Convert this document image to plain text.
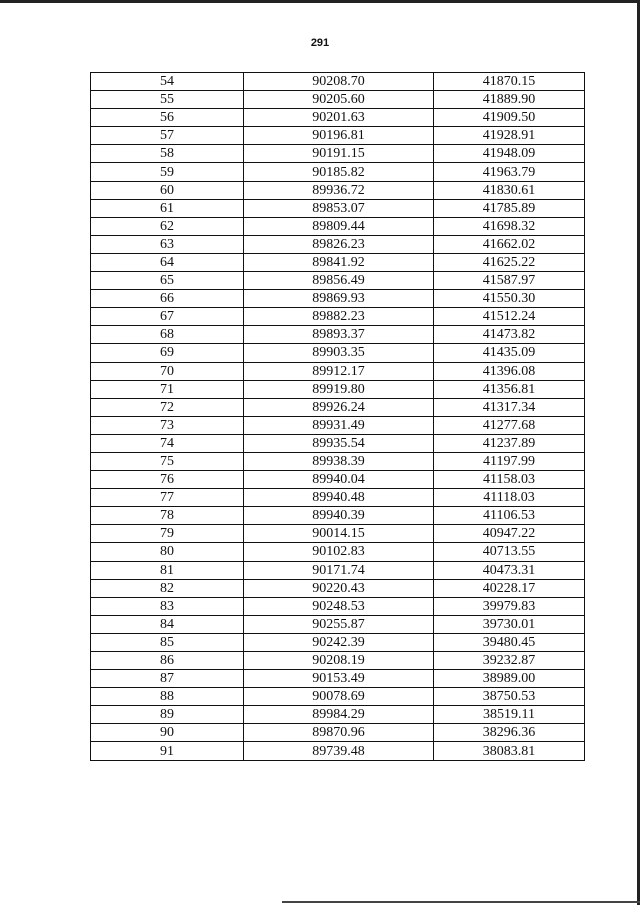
291
54	90208.70	41870.15
55	90205.60	41889.90
56	90201.63	41909.50
57	90196.81	41928.91
58	90191.15	41948.09
59	90185.82	41963.79
60	89936.72	41830.61
61	89853.07	41785.89
62	89809.44	41698.32
63	89826.23	41662.02
64	89841.92	41625.22
65	89856.49	41587.97
66	89869.93	41550.30
67	89882.23	41512.24
68	89893.37	41473.82
69	89903.35	41435.09
70	89912.17	41396.08
71	89919.80	41356.81
72	89926.24	41317.34
73	89931.49	41277.68
74	89935.54	41237.89
75	89938.39	41197.99
76	89940.04	41158.03
77	89940.48	41118.03
78	89940.39	41106.53
79	90014.15	40947.22
80	90102.83	40713.55
81	90171.74	40473.31
82	90220.43	40228.17
83	90248.53	39979.83
84	90255.87	39730.01
85	90242.39	39480.45
86	90208.19	39232.87
87	90153.49	38989.00
88	90078.69	38750.53
89	89984.29	38519.11
90	89870.96	38296.36
91	89739.48	38083.81
